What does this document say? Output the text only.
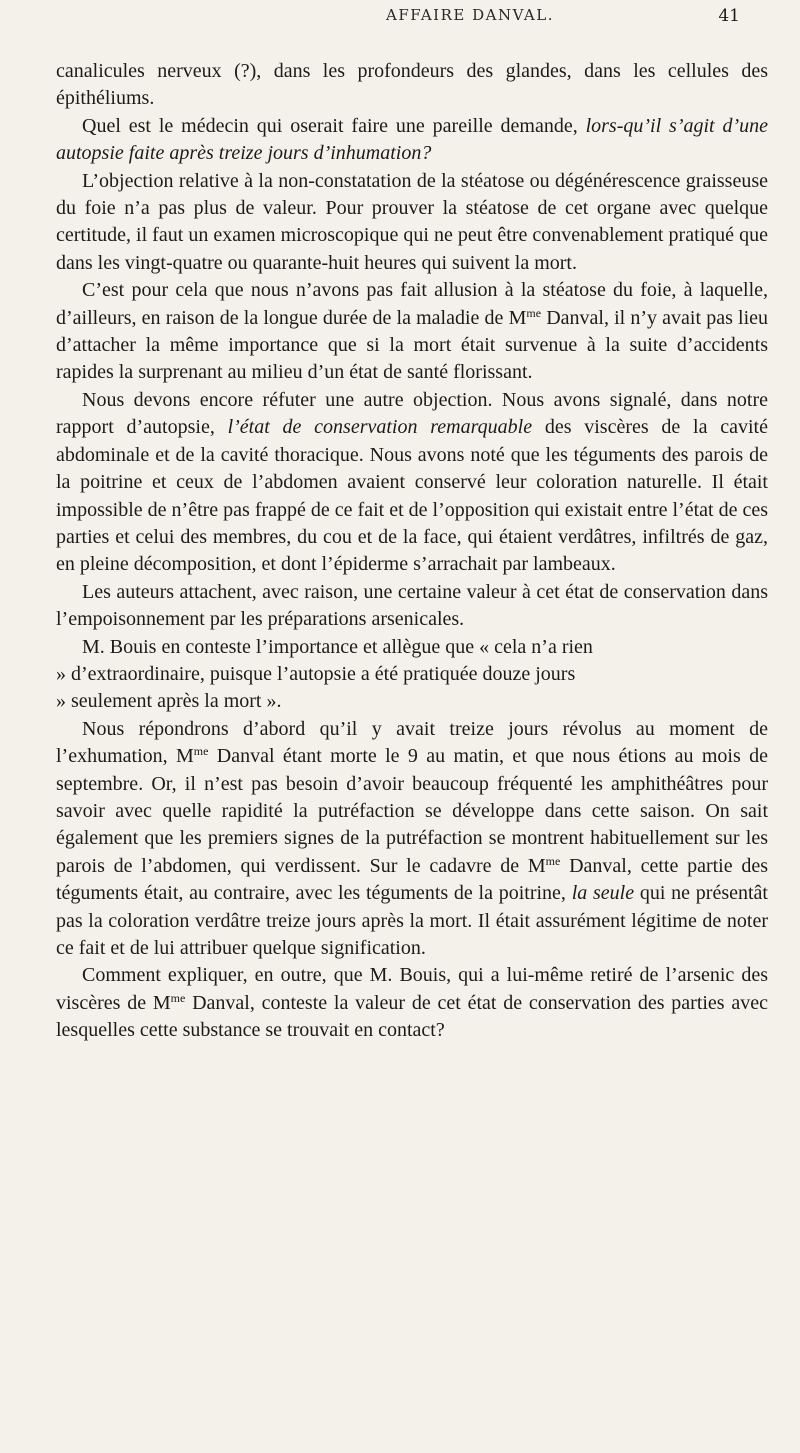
AFFAIRE DANVAL.	41

canalicules nerveux (?), dans les profondeurs des glandes, dans les cellules des épithéliums.

Quel est le médecin qui oserait faire une pareille demande, lors-qu’il s’agit d’une autopsie faite après treize jours d’inhumation?

L’objection relative à la non-constatation de la stéatose ou dégénérescence graisseuse du foie n’a pas plus de valeur. Pour prouver la stéatose de cet organe avec quelque certitude, il faut un examen microscopique qui ne peut être convenablement pratiqué que dans les vingt-quatre ou quarante-huit heures qui suivent la mort.

C’est pour cela que nous n’avons pas fait allusion à la stéatose du foie, à laquelle, d’ailleurs, en raison de la longue durée de la maladie de $M^{me}$ Danval, il n’y avait pas lieu d’attacher la même importance que si la mort était survenue à la suite d’accidents rapides la surprenant au milieu d’un état de santé florissant.

Nous devons encore réfuter une autre objection. Nous avons signalé, dans notre rapport d’autopsie, l’état de conservation remarquable des viscères de la cavité abdominale et de la cavité thoracique. Nous avons noté que les téguments des parois de la poitrine et ceux de l’abdomen avaient conservé leur coloration naturelle. Il était impossible de n’être pas frappé de ce fait et de l’opposition qui existait entre l’état de ces parties et celui des membres, du cou et de la face, qui étaient verdâtres, infiltrés de gaz, en pleine décomposition, et dont l’épiderme s’arrachait par lambeaux.

Les auteurs attachent, avec raison, une certaine valeur à cet état de conservation dans l’empoisonnement par les préparations arsenicales.

M. Bouis en conteste l’importance et allègue que « cela n’a rien

» d’extraordinaire, puisque l’autopsie a été pratiquée douze jours

» seulement après la mort ».

Nous répondrons d’abord qu’il y avait treize jours révolus au moment de l’exhumation, $M^{me}$ Danval étant morte le 9 au matin, et que nous étions au mois de septembre. Or, il n’est pas besoin d’avoir beaucoup fréquenté les amphithéâtres pour savoir avec quelle rapidité la putréfaction se développe dans cette saison. On sait également que les premiers signes de la putréfaction se montrent habituellement sur les parois de l’abdomen, qui verdissent. Sur le cadavre de $M^{me}$ Danval, cette partie des téguments était, au contraire, avec les téguments de la poitrine, la seule qui ne présentât pas la coloration verdâtre treize jours après la mort. Il était assurément légitime de noter ce fait et de lui attribuer quelque signification.

Comment expliquer, en outre, que M. Bouis, qui a lui-même retiré de l’arsenic des viscères de $M^{me}$ Danval, conteste la valeur de cet état de conservation des parties avec lesquelles cette substance se trouvait en contact?
